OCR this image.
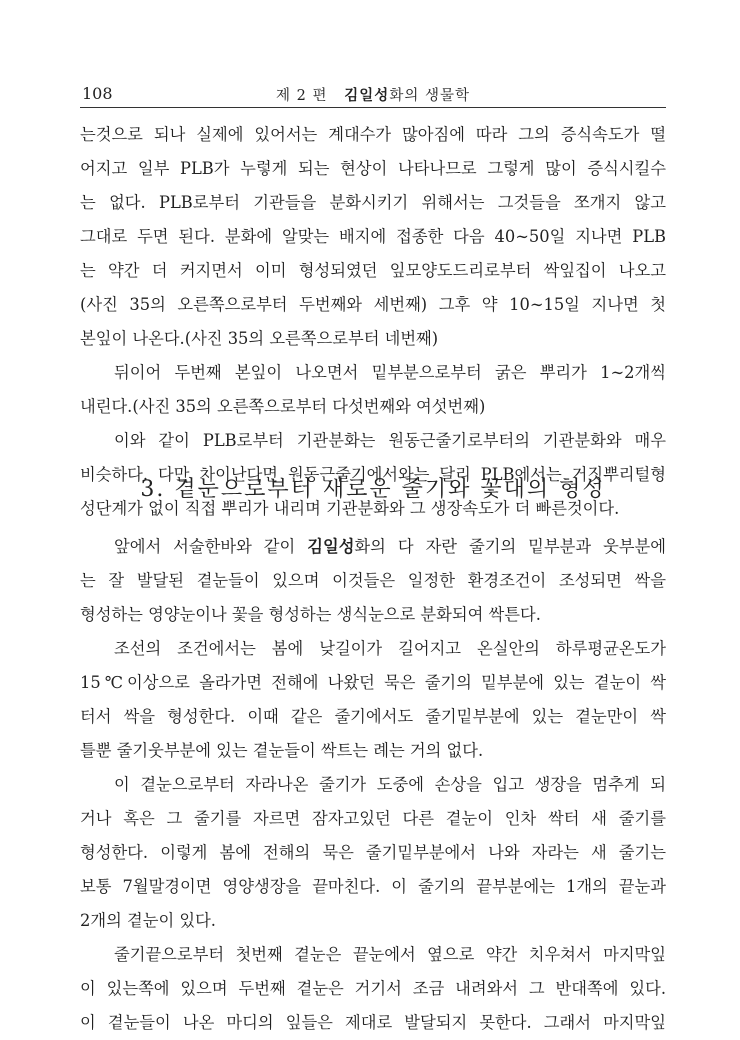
108	제 2 편 김일성화의 생물학
는것으로 되나 실제에 있어서는 계대수가 많아짐에 따라 그의 증식속도가 떨
어지고 일부 PLB가 누렇게 되는 현상이 나타나므로 그렇게 많이 증식시킬수
는 없다. PLB로부터 기관들을 분화시키기 위해서는 그것들을 쪼개지 않고
그대로 두면 된다. 분화에 알맞는 배지에 접종한 다음 40∼50일 지나면 PLB
는 약간 더 커지면서 이미 형성되였던 잎모양도드리로부터 싹잎집이 나오고
(사진 35의 오른쪽으로부터 두번째와 세번째) 그후 약 10∼15일 지나면 첫
본잎이 나온다.(사진 35의 오른쪽으로부터 네번째)
뒤이어 두번째 본잎이 나오면서 밑부분으로부터 굵은 뿌리가 1∼2개씩
내린다.(사진 35의 오른쪽으로부터 다섯번째와 여섯번째)
이와 같이 PLB로부터 기관분화는 원동근줄기로부터의 기관분화와 매우
비슷하다. 다만 차이난다면 원동근줄기에서와는 달리 PLB에서는 거짓뿌리털형
성단계가 없이 직접 뿌리가 내리며 기관분화와 그 생장속도가 더 빠른것이다.
3. 곁눈으로부터 새로운 줄기와 꽃대의 형성
앞에서 서술한바와 같이 김일성화의 다 자란 줄기의 밑부분과 웃부분에
는 잘 발달된 곁눈들이 있으며 이것들은 일정한 환경조건이 조성되면 싹을
형성하는 영양눈이나 꽃을 형성하는 생식눈으로 분화되여 싹튼다.
조선의 조건에서는 봄에 낮길이가 길어지고 온실안의 하루평균온도가
15℃이상으로 올라가면 전해에 나왔던 묵은 줄기의 밑부분에 있는 곁눈이 싹
터서 싹을 형성한다. 이때 같은 줄기에서도 줄기밑부분에 있는 곁눈만이 싹
틀뿐 줄기웃부분에 있는 곁눈들이 싹트는 례는 거의 없다.
이 곁눈으로부터 자라나온 줄기가 도중에 손상을 입고 생장을 멈추게 되
거나 혹은 그 줄기를 자르면 잠자고있던 다른 곁눈이 인차 싹터 새 줄기를
형성한다. 이렇게 봄에 전해의 묵은 줄기밑부분에서 나와 자라는 새 줄기는
보통 7월말경이면 영양생장을 끝마친다. 이 줄기의 끝부분에는 1개의 끝눈과
2개의 곁눈이 있다.
줄기끝으로부터 첫번째 곁눈은 끝눈에서 옆으로 약간 치우쳐서 마지막잎
이 있는쪽에 있으며 두번째 곁눈은 거기서 조금 내려와서 그 반대쪽에 있다.
이 곁눈들이 나온 마디의 잎들은 제대로 발달되지 못한다. 그래서 마지막잎
